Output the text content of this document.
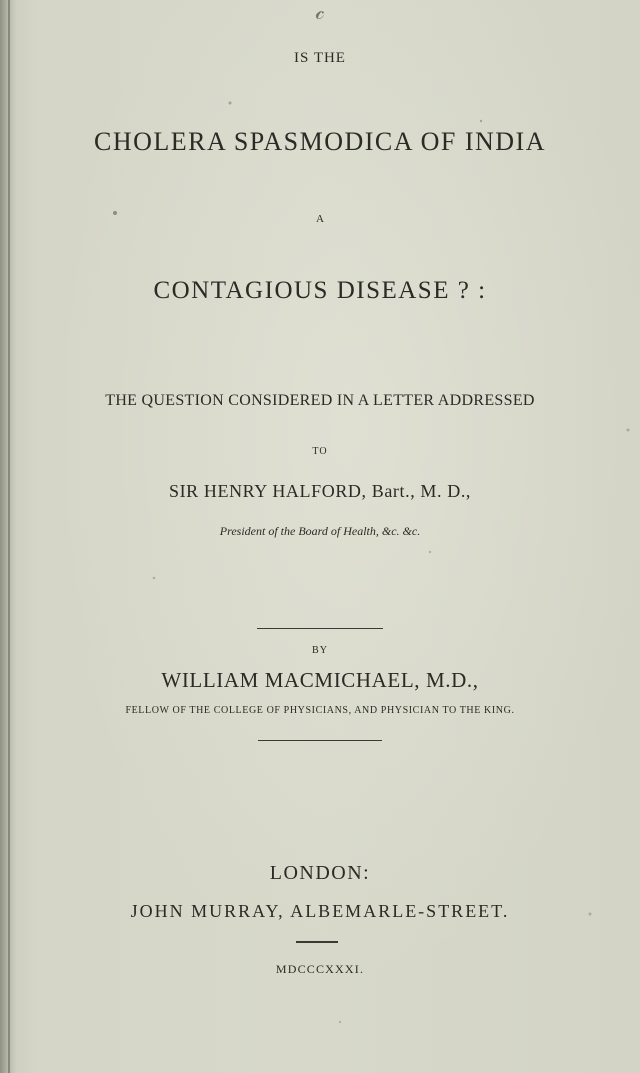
𝒸
IS THE
CHOLERA SPASMODICA OF INDIA
A
CONTAGIOUS DISEASE ? :
THE QUESTION CONSIDERED IN A LETTER ADDRESSED
TO
SIR HENRY HALFORD, Bart., M. D.,
President of the Board of Health, &c. &c.
BY
WILLIAM MACMICHAEL, M.D.,
FELLOW OF THE COLLEGE OF PHYSICIANS, AND PHYSICIAN TO THE KING.
LONDON:
JOHN MURRAY, ALBEMARLE-STREET.
MDCCCXXXI.
